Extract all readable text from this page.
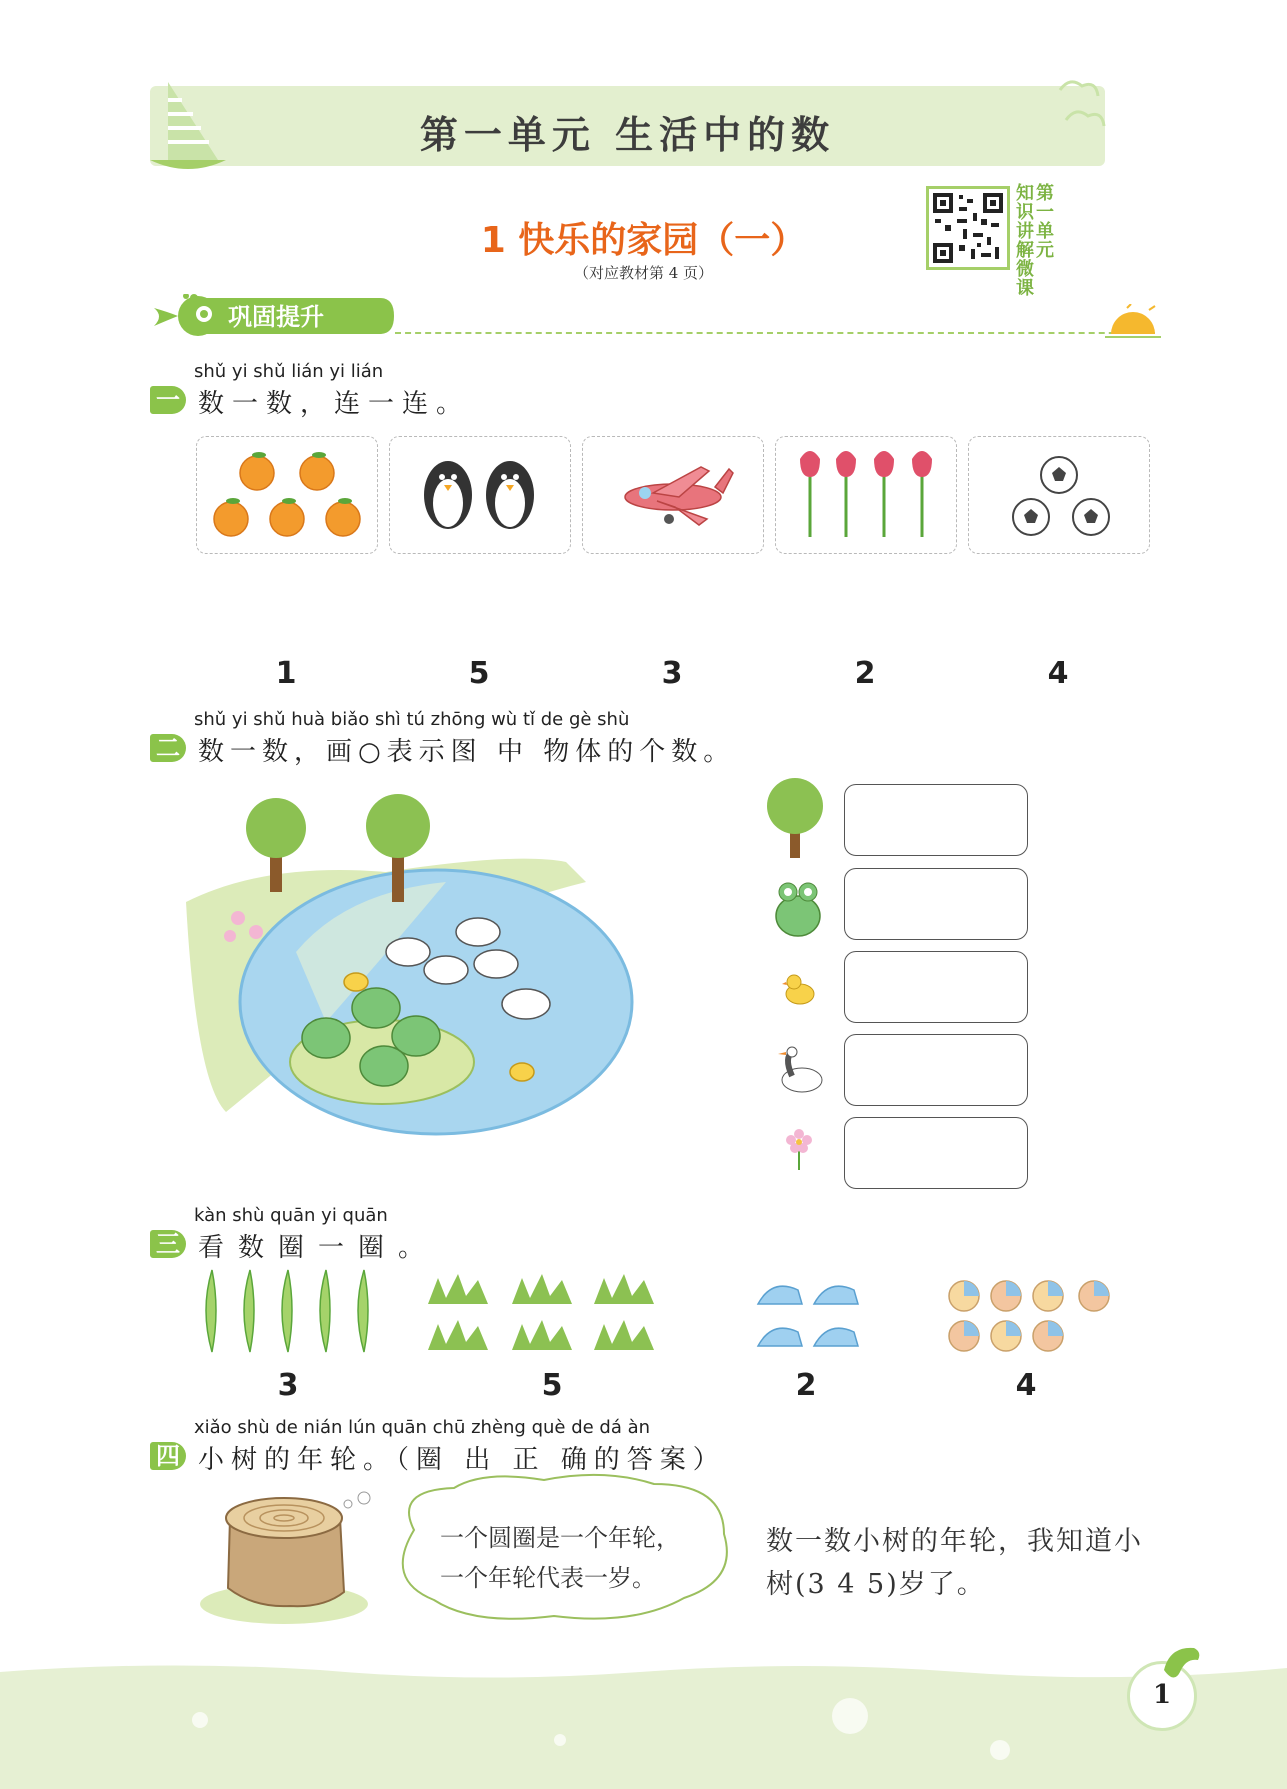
第一单元 生活中的数
1 快乐的家园（一）
（对应教材第 4 页）
知
识
讲
解
微
课
第
一
单
元
巩固提升
shǔ yi shǔ lián yi lián
一 数一数，连一连。
1	5	3	2	4
shǔ yi shǔ huà biǎo shì tú zhōng wù tǐ de gè shù
二 数一数，画○表示图 中 物体的个数。
kàn shù quān yi quān
三 看数圈一圈。
3	5	2	4
xiǎo shù de nián lún quān chū zhèng què de dá àn
四 小树的年轮。（圈 出 正 确的答案）
一个圆圈是一个年轮，
一个年轮代表一岁。
数一数小树的年轮，我知道小
树(3 4 5)岁了。
1
